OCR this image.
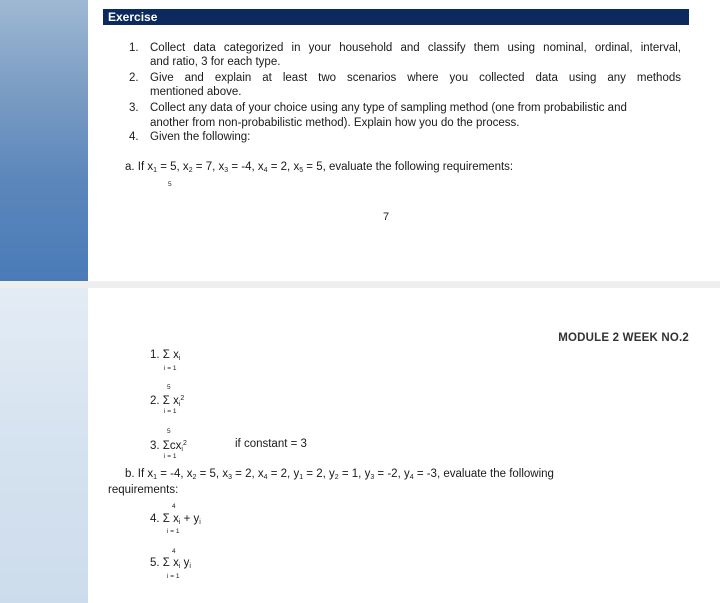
Exercise
1. Collect data categorized in your household and classify them using nominal, ordinal, interval,
and ratio, 3 for each type.
2. Give and explain at least two scenarios where you collected data using any methods
mentioned above.
3. Collect any data of your choice using any type of sampling method (one from probabilistic and
another from non-probabilistic method). Explain how you do the process.
4. Given the following:
a. If $x_1 = 5$, $x_2 = 7$, $x_3 = -4$, $x_4 = 2$, $x_5 = 5$, evaluate the following requirements:
5
7
MODULE 2 WEEK NO.2
1. Σ $x_i$
i = 1
5
2. Σ $x_i^2$
i = 1
5
3. Σcx$_i^2$	if constant = 3
i = 1
b. If $x_1 = -4$, $x_2 = 5$, $x_3 = 2$, $x_4 = 2$, $y_1 = 2$, $y_2 = 1$, $y_3 = -2$, $y_4 = -3$, evaluate the following
requirements:
4
4. Σ $x_i + y_i$
i = 1
4
5. Σ $x_i$ $y_i$
i = 1
